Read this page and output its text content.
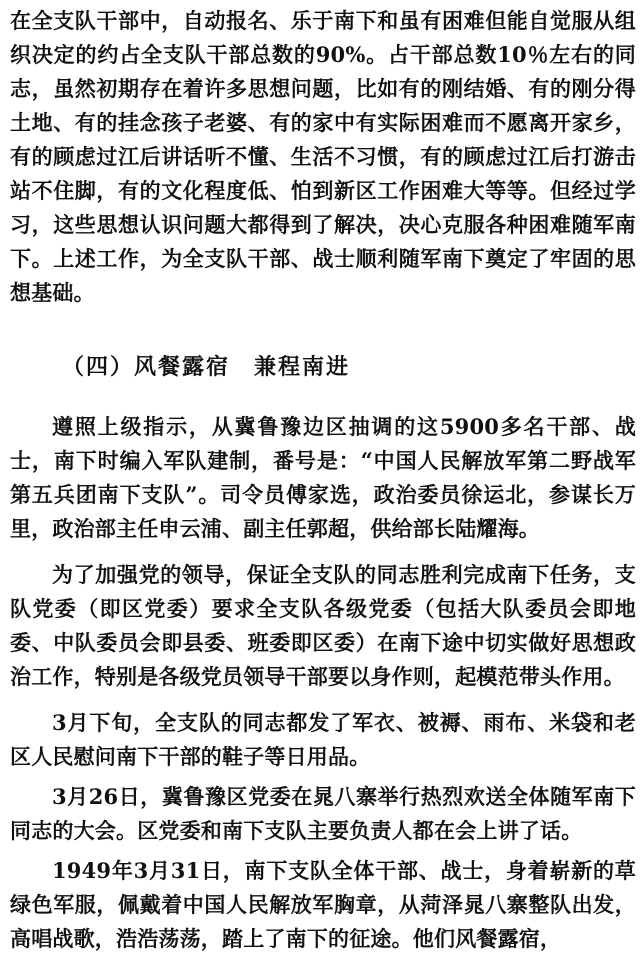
在全支队干部中，自动报名、乐于南下和虽有困难但能自觉服从组织决定的约占全支队干部总数的90%。占干部总数10％左右的同志，虽然初期存在着许多思想问题，比如有的刚结婚、有的刚分得土地、有的挂念孩子老婆、有的家中有实际困难而不愿离开家乡，有的顾虑过江后讲话听不懂、生活不习惯，有的顾虑过江后打游击站不住脚，有的文化程度低、怕到新区工作困难大等等。但经过学习，这些思想认识问题大都得到了解决，决心克服各种困难随军南下。上述工作，为全支队干部、战士顺利随军南下奠定了牢固的思想基础。
（四）风餐露宿　兼程南进
遵照上级指示，从冀鲁豫边区抽调的这5900多名干部、战士，南下时编入军队建制，番号是：“中国人民解放军第二野战军第五兵团南下支队”。司令员傅家选，政治委员徐运北，参谋长万里，政治部主任申云浦、副主任郭超，供给部长陆耀海。
为了加强党的领导，保证全支队的同志胜利完成南下任务，支队党委（即区党委）要求全支队各级党委（包括大队委员会即地委、中队委员会即县委、班委即区委）在南下途中切实做好思想政治工作，特别是各级党员领导干部要以身作则，起模范带头作用。
3月下旬，全支队的同志都发了军衣、被褥、雨布、米袋和老区人民慰问南下干部的鞋子等日用品。
3月26日，冀鲁豫区党委在晁八寨举行热烈欢送全体随军南下同志的大会。区党委和南下支队主要负责人都在会上讲了话。
1949年3月31日，南下支队全体干部、战士，身着崭新的草绿色军服，佩戴着中国人民解放军胸章，从菏泽晁八寨整队出发，高唱战歌，浩浩荡荡，踏上了南下的征途。他们风餐露宿，
